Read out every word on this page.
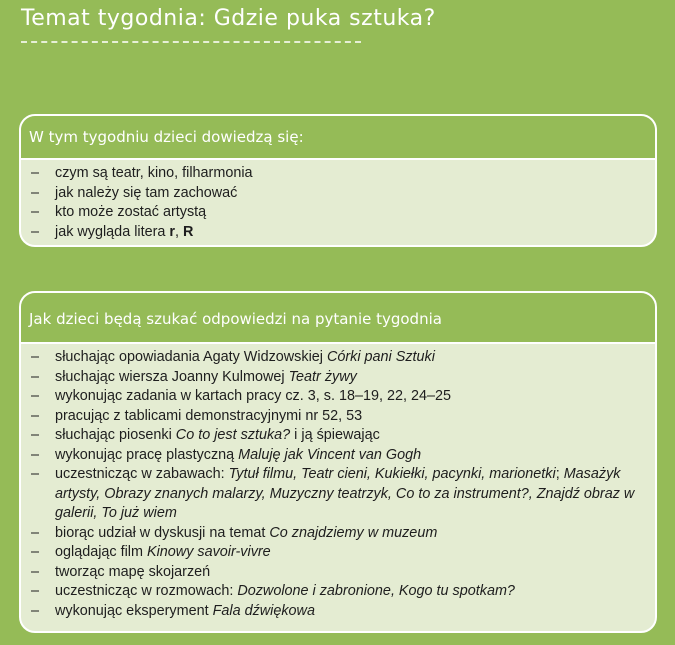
Temat tygodnia: Gdzie puka sztuka?
W tym tygodniu dzieci dowiedzą się:
– czym są teatr, kino, filharmonia
– jak należy się tam zachować
– kto może zostać artystą
– jak wygląda litera r, R
Jak dzieci będą szukać odpowiedzi na pytanie tygodnia
– słuchając opowiadania Agaty Widzowskiej Córki pani Sztuki
– słuchając wiersza Joanny Kulmowej Teatr żywy
– wykonując zadania w kartach pracy cz. 3, s. 18–19, 22, 24–25
– pracując z tablicami demonstracyjnymi nr 52, 53
– słuchając piosenki Co to jest sztuka? i ją śpiewając
– wykonując pracę plastyczną Maluję jak Vincent van Gogh
– uczestnicząc w zabawach: Tytuł filmu, Teatr cieni, Kukiełki, pacynki, marionetki; Masażyk artysty, Obrazy znanych malarzy, Muzyczny teatrzyk, Co to za instrument?, Znajdź obraz w galerii, To już wiem
– biorąc udział w dyskusji na temat Co znajdziemy w muzeum
– oglądając film Kinowy savoir-vivre
– tworząc mapę skojarzeń
– uczestnicząc w rozmowach: Dozwolone i zabronione, Kogo tu spotkam?
– wykonując eksperyment Fala dźwiękowa
